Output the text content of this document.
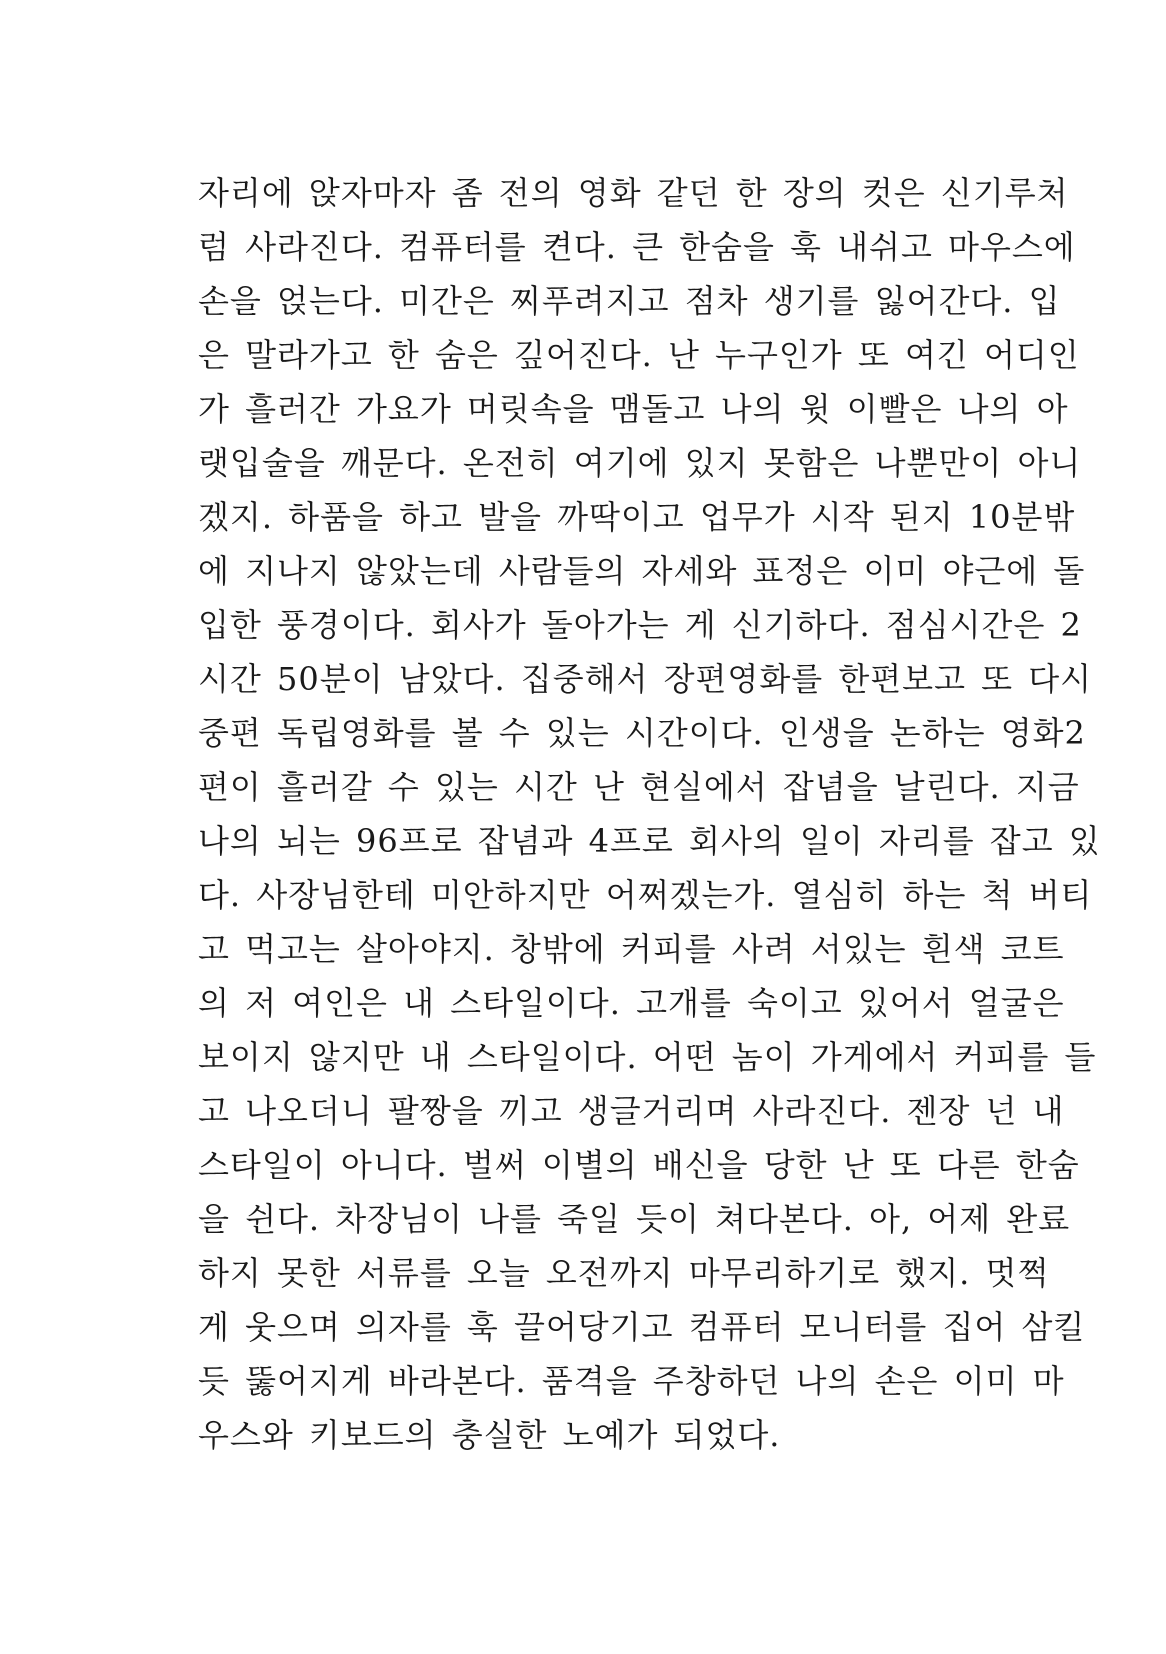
자리에 앉자마자 좀 전의 영화 같던 한 장의 컷은 신기루처
럼 사라진다. 컴퓨터를 켠다. 큰 한숨을 훅 내쉬고 마우스에
손을 얹는다. 미간은 찌푸려지고 점차 생기를 잃어간다. 입
은 말라가고 한 숨은 깊어진다. 난 누구인가 또 여긴 어디인
가 흘러간 가요가 머릿속을 맴돌고 나의 윗 이빨은 나의 아
랫입술을 깨문다. 온전히 여기에 있지 못함은 나뿐만이 아니
겠지. 하품을 하고 발을 까딱이고 업무가 시작 된지 10분밖
에 지나지 않았는데 사람들의 자세와 표정은 이미 야근에 돌
입한 풍경이다. 회사가 돌아가는 게 신기하다. 점심시간은 2
시간 50분이 남았다. 집중해서 장편영화를 한편보고 또 다시
중편 독립영화를 볼 수 있는 시간이다. 인생을 논하는 영화2
편이 흘러갈 수 있는 시간 난 현실에서 잡념을 날린다. 지금
나의 뇌는 96프로 잡념과 4프로 회사의 일이 자리를 잡고 있
다. 사장님한테 미안하지만 어쩌겠는가. 열심히 하는 척 버티
고 먹고는 살아야지. 창밖에 커피를 사려 서있는 흰색 코트
의 저 여인은 내 스타일이다. 고개를 숙이고 있어서 얼굴은
보이지 않지만 내 스타일이다. 어떤 놈이 가게에서 커피를 들
고 나오더니 팔짱을 끼고 생글거리며 사라진다. 젠장 넌 내
스타일이 아니다. 벌써 이별의 배신을 당한 난 또 다른 한숨
을 쉰다. 차장님이 나를 죽일 듯이 쳐다본다. 아, 어제 완료
하지 못한 서류를 오늘 오전까지 마무리하기로 했지. 멋쩍
게 웃으며 의자를 훅 끌어당기고 컴퓨터 모니터를 집어 삼킬
듯 뚫어지게 바라본다. 품격을 주창하던 나의 손은 이미 마
우스와 키보드의 충실한 노예가 되었다.
